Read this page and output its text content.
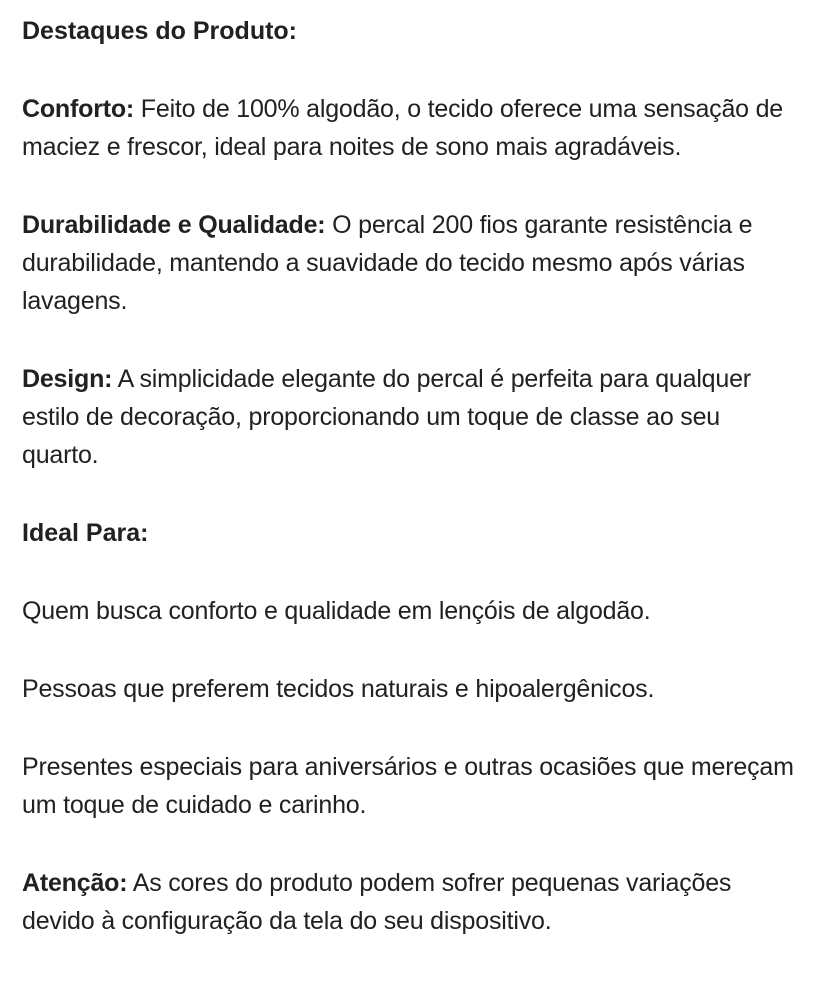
Destaques do Produto:

Conforto: Feito de 100% algodão, o tecido oferece uma sensação de maciez e frescor, ideal para noites de sono mais agradáveis.

Durabilidade e Qualidade: O percal 200 fios garante resistência e durabilidade, mantendo a suavidade do tecido mesmo após várias lavagens.

Design: A simplicidade elegante do percal é perfeita para qualquer estilo de decoração, proporcionando um toque de classe ao seu quarto.

Ideal Para:

Quem busca conforto e qualidade em lençóis de algodão.

Pessoas que preferem tecidos naturais e hipoalergênicos.

Presentes especiais para aniversários e outras ocasiões que mereçam um toque de cuidado e carinho.

Atenção: As cores do produto podem sofrer pequenas variações devido à configuração da tela do seu dispositivo.
